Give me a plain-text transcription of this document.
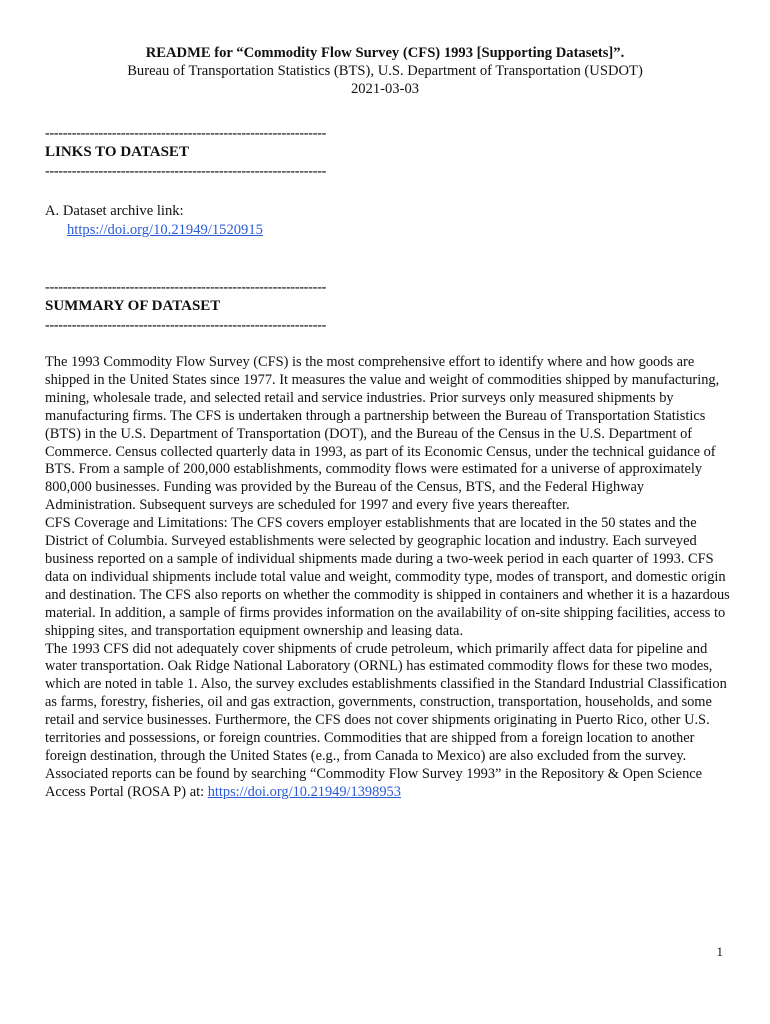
README for “Commodity Flow Survey (CFS) 1993 [Supporting Datasets]”.
Bureau of Transportation Statistics (BTS), U.S. Department of Transportation (USDOT)
2021-03-03
---------------------------------------------------------------
LINKS TO DATASET
---------------------------------------------------------------
A. Dataset archive link:
https://doi.org/10.21949/1520915
---------------------------------------------------------------
SUMMARY OF DATASET
---------------------------------------------------------------

The 1993 Commodity Flow Survey (CFS) is the most comprehensive effort to identify where and how goods are shipped in the United States since 1977. It measures the value and weight of commodities shipped by manufacturing, mining, wholesale trade, and selected retail and service industries. Prior surveys only measured shipments by manufacturing firms. The CFS is undertaken through a partnership between the Bureau of Transportation Statistics (BTS) in the U.S. Department of Transportation (DOT), and the Bureau of the Census in the U.S. Department of Commerce. Census collected quarterly data in 1993, as part of its Economic Census, under the technical guidance of BTS. From a sample of 200,000 establishments, commodity flows were estimated for a universe of approximately 800,000 businesses. Funding was provided by the Bureau of the Census, BTS, and the Federal Highway Administration. Subsequent surveys are scheduled for 1997 and every five years thereafter.

CFS Coverage and Limitations: The CFS covers employer establishments that are located in the 50 states and the District of Columbia. Surveyed establishments were selected by geographic location and industry. Each surveyed business reported on a sample of individual shipments made during a two-week period in each quarter of 1993. CFS data on individual shipments include total value and weight, commodity type, modes of transport, and domestic origin and destination. The CFS also reports on whether the commodity is shipped in containers and whether it is a hazardous material. In addition, a sample of firms provides information on the availability of on-site shipping facilities, access to shipping sites, and transportation equipment ownership and leasing data.

The 1993 CFS did not adequately cover shipments of crude petroleum, which primarily affect data for pipeline and water transportation. Oak Ridge National Laboratory (ORNL) has estimated commodity flows for these two modes, which are noted in table 1. Also, the survey excludes establishments classified in the Standard Industrial Classification as farms, forestry, fisheries, oil and gas extraction, governments, construction, transportation, households, and some retail and service businesses. Furthermore, the CFS does not cover shipments originating in Puerto Rico, other U.S. territories and possessions, or foreign countries. Commodities that are shipped from a foreign location to another foreign destination, through the United States (e.g., from Canada to Mexico) are also excluded from the survey.

Associated reports can be found by searching “Commodity Flow Survey 1993” in the Repository & Open Science Access Portal (ROSA P) at: https://doi.org/10.21949/1398953

1
